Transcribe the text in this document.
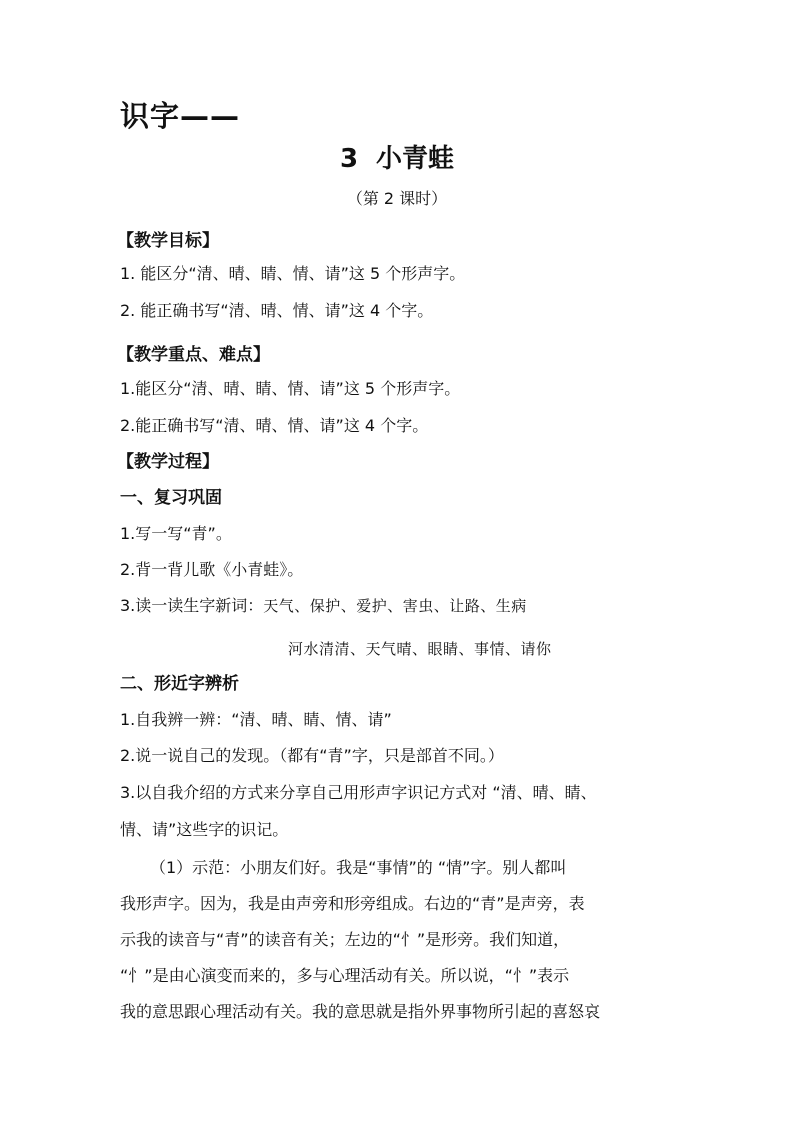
识字——
3 小青蛙
（第 2 课时）
【教学目标】
1. 能区分“清、晴、睛、情、请”这 5 个形声字。
2. 能正确书写“清、晴、情、请”这 4 个字。
【教学重点、难点】
1.能区分“清、晴、睛、情、请”这 5 个形声字。
2.能正确书写“清、晴、情、请”这 4 个字。
【教学过程】
一、复习巩固
1.写一写“青”。
2.背一背儿歌《小青蛙》。
3.读一读生字新词：天气、保护、爱护、害虫、让路、生病
河水清清、天气晴、眼睛、事情、请你
二、形近字辨析
1.自我辨一辨：“清、晴、睛、情、请”
2.说一说自己的发现。（都有“青”字，只是部首不同。）
3.以自我介绍的方式来分享自己用形声字识记方式对 “清、晴、睛、
情、请”这些字的识记。
（1）示范：小朋友们好。我是“事情”的 “情”字。别人都叫
我形声字。因为，我是由声旁和形旁组成。右边的“青”是声旁，表
示我的读音与“青”的读音有关；左边的“忄”是形旁。我们知道，
“忄”是由心演变而来的，多与心理活动有关。所以说，“忄”表示
我的意思跟心理活动有关。我的意思就是指外界事物所引起的喜怒哀
